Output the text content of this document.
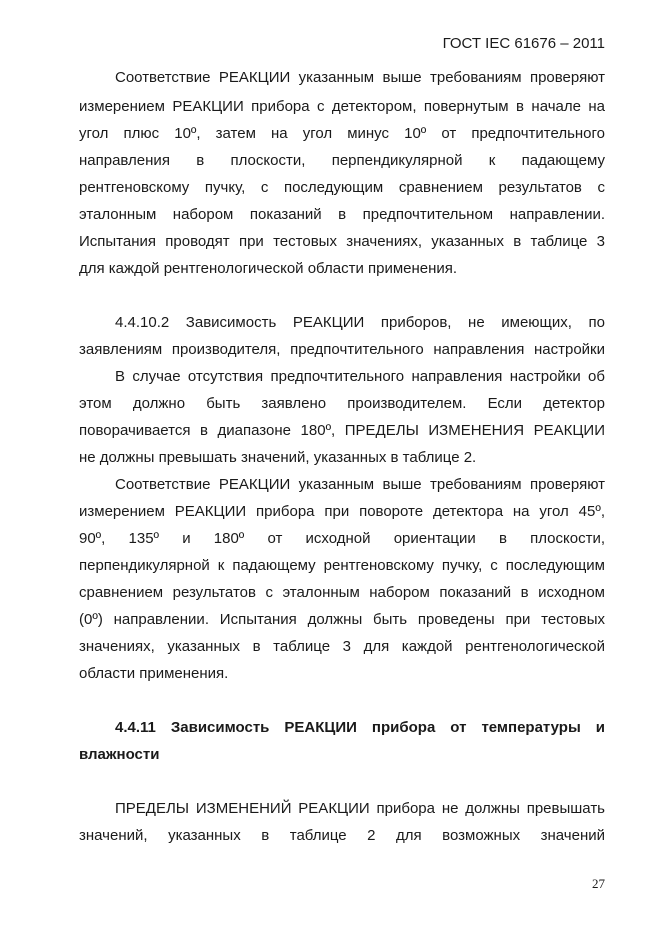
ГОСТ IEC 61676 – 2011
Соответствие РЕАКЦИИ указанным выше требованиям проверяют
измерением РЕАКЦИИ прибора с детектором, повернутым в начале на
угол плюс 10º, затем на угол минус 10º от предпочтительного
направления в плоскости, перпендикулярной к падающему
рентгеновскому пучку, с последующим сравнением результатов с
эталонным набором показаний в предпочтительном направлении.
Испытания проводят при тестовых значениях, указанных в таблице 3
для каждой рентгенологической области применения.
4.4.10.2 Зависимость РЕАКЦИИ приборов, не имеющих, по
заявлениям производителя, предпочтительного направления настройки
В случае отсутствия предпочтительного направления настройки об
этом должно быть заявлено производителем. Если детектор
поворачивается в диапазоне 180º, ПРЕДЕЛЫ ИЗМЕНЕНИЯ РЕАКЦИИ
не должны превышать значений, указанных в таблице 2.
Соответствие РЕАКЦИИ указанным выше требованиям проверяют
измерением РЕАКЦИИ прибора при повороте детектора на угол 45º,
90º, 135º и 180º от исходной ориентации в плоскости,
перпендикулярной к падающему рентгеновскому пучку, с последующим
сравнением результатов с эталонным набором показаний в исходном
(0º) направлении. Испытания должны быть проведены при тестовых
значениях, указанных в таблице 3 для каждой рентгенологической
области применения.
4.4.11 Зависимость РЕАКЦИИ прибора от температуры и
влажности
ПРЕДЕЛЫ ИЗМЕНЕНИЙ РЕАКЦИИ прибора не должны превышать
значений, указанных в таблице 2 для возможных значений
27
